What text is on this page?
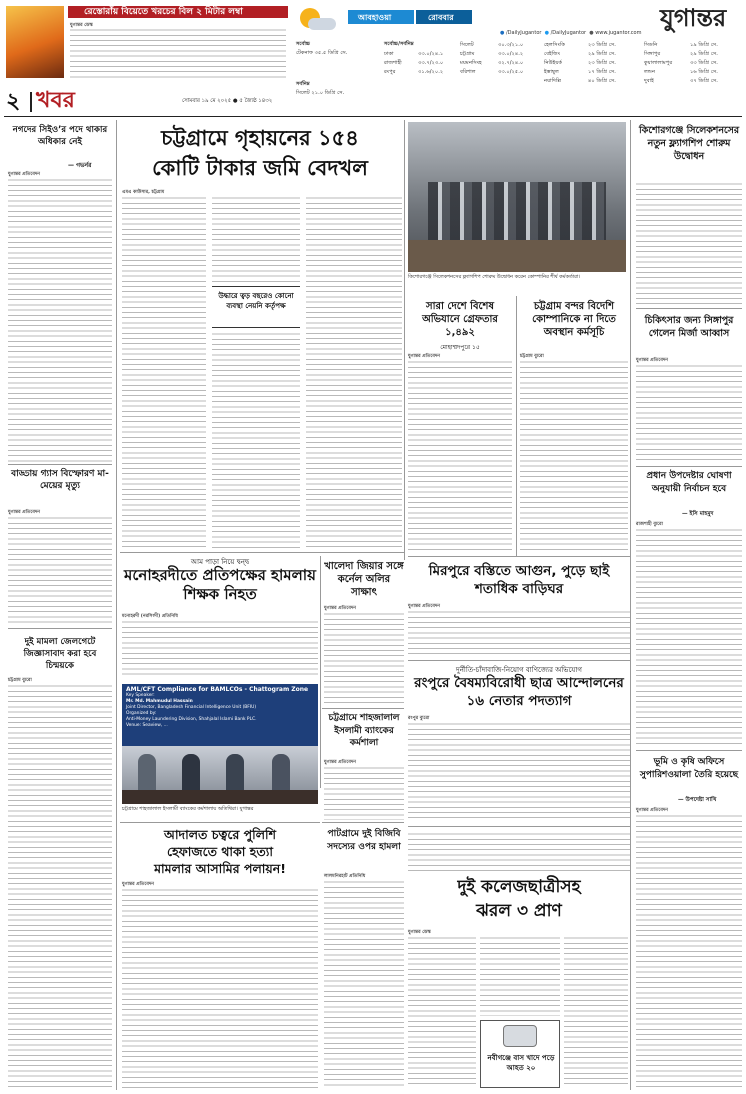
রেস্তোরাঁয় বিয়েতে খরচের বিল ২ মিটার লম্বা
যুগান্তর ডেস্ক
আবহাওয়া	রোববার
সর্বোচ্চ
টেকনাফ ৩৫.৫ ডিগ্রি সে.
সর্বনিম্ন
সিলেট ২১.০ ডিগ্রি সে.
সর্বোচ্চ/সর্বনিম্ন
ঢাকা	৩৩.০/২৪.১
রাজশাহী	৩৩.৭/২৩.০
রংপুর	৩১.৬/২০.২
সিলেট	৩০.৩/২১.০
চট্টগ্রাম	৩৩.০/২৪.২
ময়মনসিংহ	৩২.৭/২৪.০
বরিশাল	৩৩.০/২৫.০
হেলসিংকি	২৩ ডিগ্রি সে.
বেইজিং	২৯ ডিগ্রি সে.
নিউইয়র্ক	২৩ ডিগ্রি সে.
ইস্তাম্বুল	১৭ ডিগ্রি সে.
নয়াদিল্লি	৪০ ডিগ্রি সে.
সিডনি	১৯ ডিগ্রি সে.
সিঙ্গাপুর	২৯ ডিগ্রি সে.
কুয়ালালামপুর	৩৩ ডিগ্রি সে.
লন্ডন	১৬ ডিগ্রি সে.
দুবাই	৩৭ ডিগ্রি সে.
যুগান্তর
● /DailyJugantor ● /DailyJugantor ● www.jugantor.com
২ খবর	সোমবার ১৯ মে ২০২৫ ● ৫ জ্যৈষ্ঠ ১৪৩২
নগদের সিইও’র পদে থাকার অধিকার নেই
— গভর্নর
যুগান্তর প্রতিবেদন
বাড্ডায় গ্যাস বিস্ফোরণ মা-মেয়ের মৃত্যু
যুগান্তর প্রতিবেদন
দুই মামলা জেলগেটে জিজ্ঞাসাবাদ করা হবে চিন্ময়কে
চট্টগ্রাম ব্যুরো
চট্টগ্রামে গৃহায়নের ১৫৪
কোটি টাকার জমি বেদখল
এমএ কাউসার, চট্টগ্রাম
উদ্ধারে ত্বড় বছরেও কোনো ব্যবস্থা নেয়নি কর্তৃপক্ষ
কিশোরগঞ্জে সিলেকশনসের ফ্ল্যাগশিপ শোরুম উদ্বোধন করেন কোম্পানির শীর্ষ কর্মকর্তারা।
কিশোরগঞ্জে সিলেকশনসের নতুন ফ্ল্যাগশিপ শোরুম উদ্বোধন
চিকিৎসার জন্য সিঙ্গাপুর গেলেন মির্জা আব্বাস
যুগান্তর প্রতিবেদন
প্রধান উপদেষ্টার ঘোষণা অনুযায়ী নির্বাচন হবে
— ইসি মাহমুদ
রাজশাহী ব্যুরো
ভূমি ও কৃষি অফিসে সুপারিশওয়ালা তৈরি হয়েছে
— উপদেষ্টা সাখি
যুগান্তর প্রতিবেদন
সারা দেশে বিশেষ অভিযানে গ্রেফতার ১,৪৯২
মোহাম্মদপুরে ১৫
যুগান্তর প্রতিবেদন
চট্টগ্রাম বন্দর বিদেশি কোম্পানিকে না দিতে অবস্থান কর্মসূচি
চট্টগ্রাম ব্যুরো
আম পাড়া নিয়ে দ্বন্দ্ব
মনোহরদীতে প্রতিপক্ষের হামলায় শিক্ষক নিহত
মনোহরদী (নরসিংদী) প্রতিনিধি
খালেদা জিয়ার সঙ্গে কর্নেল অলির সাক্ষাৎ
যুগান্তর প্রতিবেদন
চট্টগ্রামে শাহজালাল ইসলামী ব্যাংকের কর্মশালা
যুগান্তর প্রতিবেদন
মিরপুরে বস্তিতে আগুন, পুড়ে ছাই শতাধিক বাড়িঘর
যুগান্তর প্রতিবেদন
দুর্নীতি-চাঁদাবাজি-নিয়োগ বাণিজ্যের অভিযোগ
রংপুরে বৈষম্যবিরোধী ছাত্র আন্দোলনের ১৬ নেতার পদত্যাগ
রংপুর ব্যুরো
AML/CFT Compliance for BAMLCOs - Chattogram Zone
Key Speaker:
Mr. Md. Mahmudul Hassain
Joint Director, Bangladesh Financial Intelligence Unit (BFIU)
Organized by:
Anti-Money Laundering Division, Shahjalal Islami Bank PLC.
Venue: Seaview, ...
চট্টগ্রামে শাহজালাল ইসলামী ব্যাংকের কর্মশালায় অতিথিরা। যুগান্তর
আদালত চত্বরে পুলিশি
হেফাজতে থাকা হত্যা
মামলার আসামির পলায়ন!
যুগান্তর প্রতিবেদন
পাটগ্রামে দুই বিজিবি সদস্যের ওপর হামলা
লালমনিরহাট প্রতিনিধি
দুই কলেজছাত্রীসহ
ঝরল ৩ প্রাণ
যুগান্তর ডেস্ক
নবীগঞ্জে বাস খাদে পড়ে আহত ২০
